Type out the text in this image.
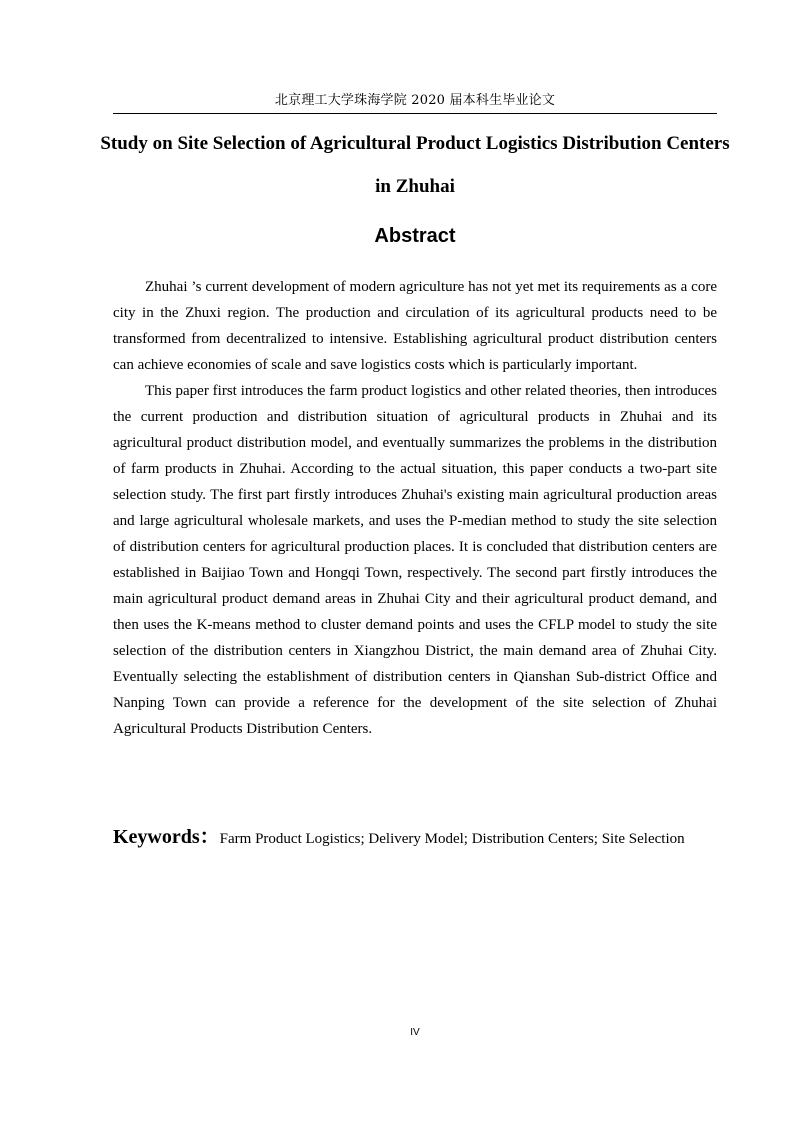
北京理工大学珠海学院 2020 届本科生毕业论文
Study on Site Selection of Agricultural Product Logistics Distribution Centers in Zhuhai
Abstract

Zhuhai ’s current development of modern agriculture has not yet met its requirements as a core city in the Zhuxi region. The production and circulation of its agricultural products need to be transformed from decentralized to intensive. Establishing agricultural product distribution centers can achieve economies of scale and save logistics costs which is particularly important.

This paper first introduces the farm product logistics and other related theories, then introduces the current production and distribution situation of agricultural products in Zhuhai and its agricultural product distribution model, and eventually summarizes the problems in the distribution of farm products in Zhuhai. According to the actual situation, this paper conducts a two-part site selection study. The first part firstly introduces Zhuhai's existing main agricultural production areas and large agricultural wholesale markets, and uses the P-median method to study the site selection of distribution centers for agricultural production places. It is concluded that distribution centers are established in Baijiao Town and Hongqi Town, respectively. The second part firstly introduces the main agricultural product demand areas in Zhuhai City and their agricultural product demand, and then uses the K-means method to cluster demand points and uses the CFLP model to study the site selection of the distribution centers in Xiangzhou District, the main demand area of Zhuhai City. Eventually selecting the establishment of distribution centers in Qianshan Sub-district Office and Nanping Town can provide a reference for the development of the site selection of Zhuhai Agricultural Products Distribution Centers.

Keywords：Farm Product Logistics; Delivery Model; Distribution Centers; Site Selection
IV
